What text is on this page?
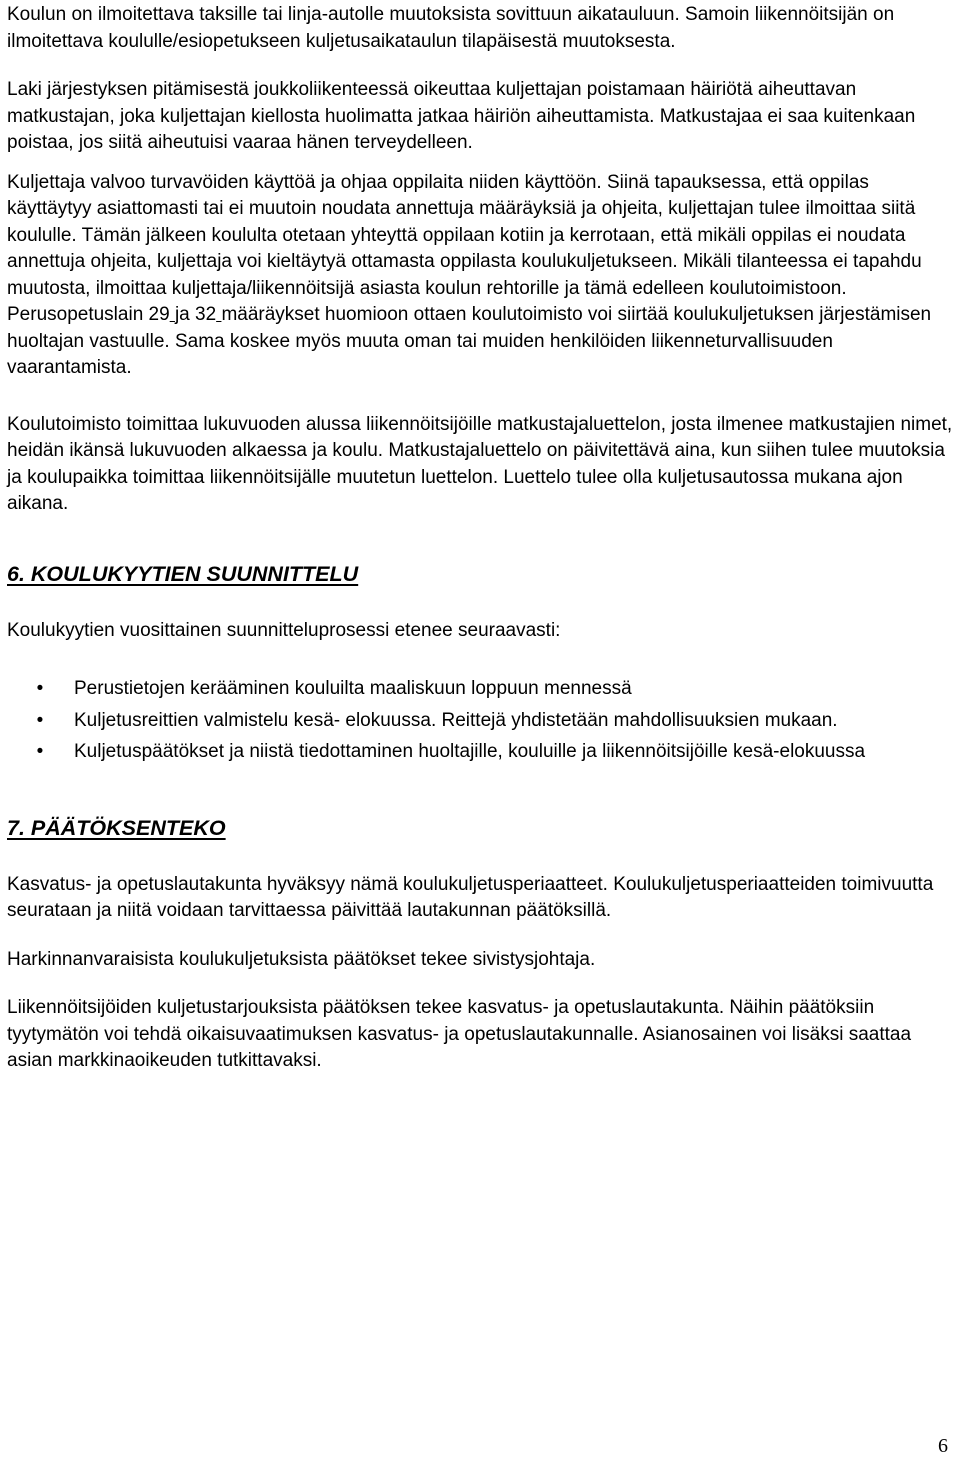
Koulun on ilmoitettava taksille tai linja-autolle muutoksista sovittuun aikatauluun. Samoin liikennöitsijän on ilmoitettava koululle/esiopetukseen kuljetusaikataulun tilapäisestä muutoksesta.

Laki järjestyksen pitämisestä joukkoliikenteessä oikeuttaa kuljettajan poistamaan häiriötä aiheuttavan matkustajan, joka kuljettajan kiellosta huolimatta jatkaa häiriön aiheuttamista. Matkustajaa ei saa kuitenkaan poistaa, jos siitä aiheutuisi vaaraa hänen terveydelleen.

Kuljettaja valvoo turvavöiden käyttöä ja ohjaa oppilaita niiden käyttöön. Siinä tapauksessa, että oppilas käyttäytyy asiattomasti tai ei muutoin noudata annettuja määräyksiä ja ohjeita, kuljettajan tulee ilmoittaa siitä koululle. Tämän jälkeen koululta otetaan yhteyttä oppilaan kotiin ja kerrotaan, että mikäli oppilas ei noudata annettuja ohjeita, kuljettaja voi kieltäytyä ottamasta oppilasta koulukuljetukseen. Mikäli tilanteessa ei tapahdu muutosta, ilmoittaa kuljettaja/liikennöitsijä asiasta koulun rehtorille ja tämä edelleen koulutoimistoon. Perusopetuslain 29 ja 32 määräykset huomioon ottaen koulutoimisto voi siirtää koulukuljetuksen järjestämisen huoltajan vastuulle. Sama koskee myös muuta oman tai muiden henkilöiden liikenneturvallisuuden vaarantamista.

Koulutoimisto toimittaa lukuvuoden alussa liikennöitsijöille matkustajaluettelon, josta ilmenee matkustajien nimet, heidän ikänsä lukuvuoden alkaessa ja koulu. Matkustajaluettelo on päivitettävä aina, kun siihen tulee muutoksia ja koulupaikka toimittaa liikennöitsijälle muutetun luettelon. Luettelo tulee olla kuljetusautossa mukana ajon aikana.

6. KOULUKYYTIEN SUUNNITTELU

Koulukyytien vuosittainen suunnitteluprosessi etenee seuraavasti:

•	Perustietojen kerääminen kouluilta maaliskuun loppuun mennessä
•	Kuljetusreittien valmistelu kesä- elokuussa. Reittejä yhdistetään mahdollisuuksien mukaan.
•	Kuljetuspäätökset ja niistä tiedottaminen huoltajille, kouluille ja liikennöitsijöille kesä-elokuussa
7. PÄÄTÖKSENTEKO

Kasvatus- ja opetuslautakunta hyväksyy nämä koulukuljetusperiaatteet. Koulukuljetusperiaatteiden toimivuutta seurataan ja niitä voidaan tarvittaessa päivittää lautakunnan päätöksillä.

Harkinnanvaraisista koulukuljetuksista päätökset tekee sivistysjohtaja.

Liikennöitsijöiden kuljetustarjouksista päätöksen tekee kasvatus- ja opetuslautakunta. Näihin päätöksiin tyytymätön voi tehdä oikaisuvaatimuksen kasvatus- ja opetuslautakunnalle. Asianosainen voi lisäksi saattaa asian markkinaoikeuden tutkittavaksi.

6
